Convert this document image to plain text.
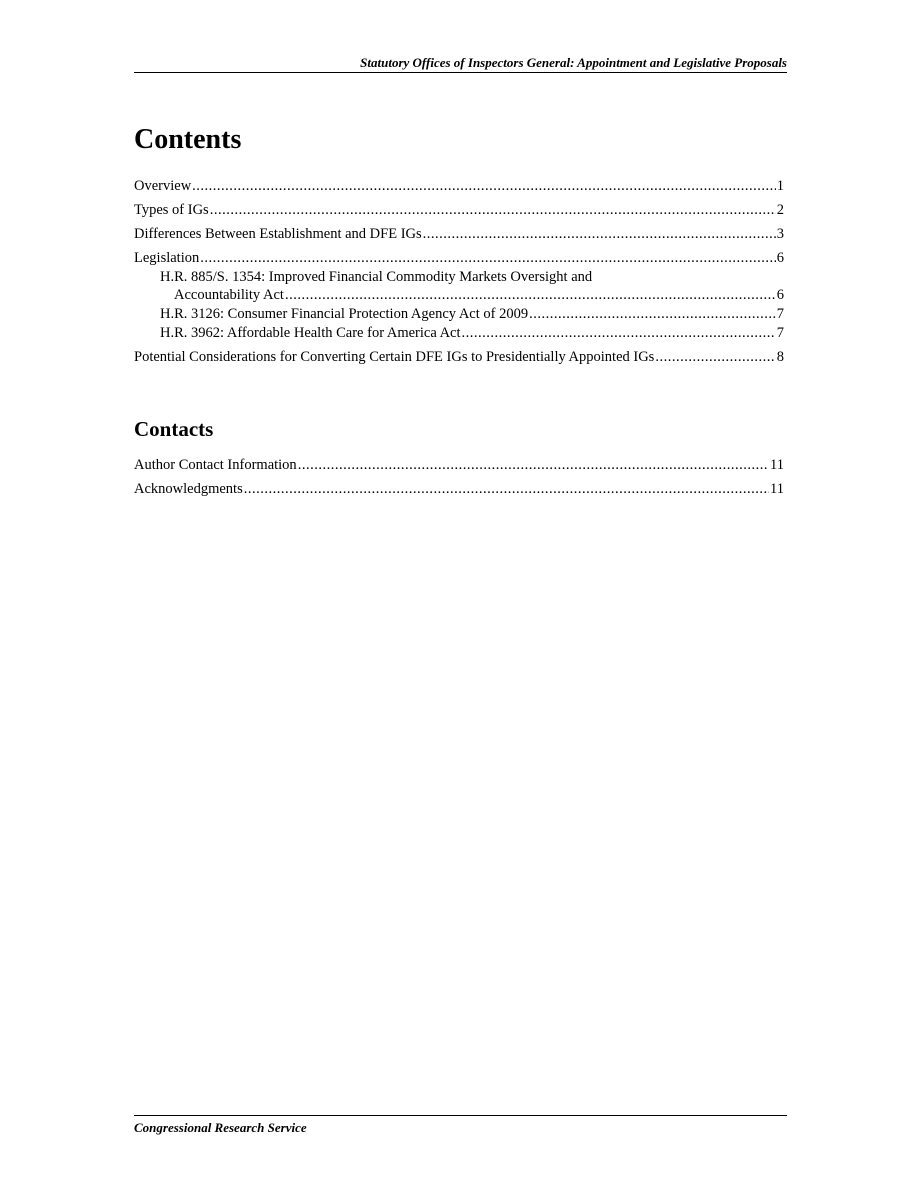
Statutory Offices of Inspectors General: Appointment and Legislative Proposals
Contents
Overview .....	1
Types of IGs .....	2
Differences Between Establishment and DFE IGs .....	3
Legislation .....	6
H.R. 885/S. 1354: Improved Financial Commodity Markets Oversight and
Accountability Act .....	6
H.R. 3126: Consumer Financial Protection Agency Act of 2009 .....	7
H.R. 3962: Affordable Health Care for America Act .....	7
Potential Considerations for Converting Certain DFE IGs to Presidentially Appointed IGs .....	8
Contacts
Author Contact Information .....	11
Acknowledgments .....	11
Congressional Research Service
